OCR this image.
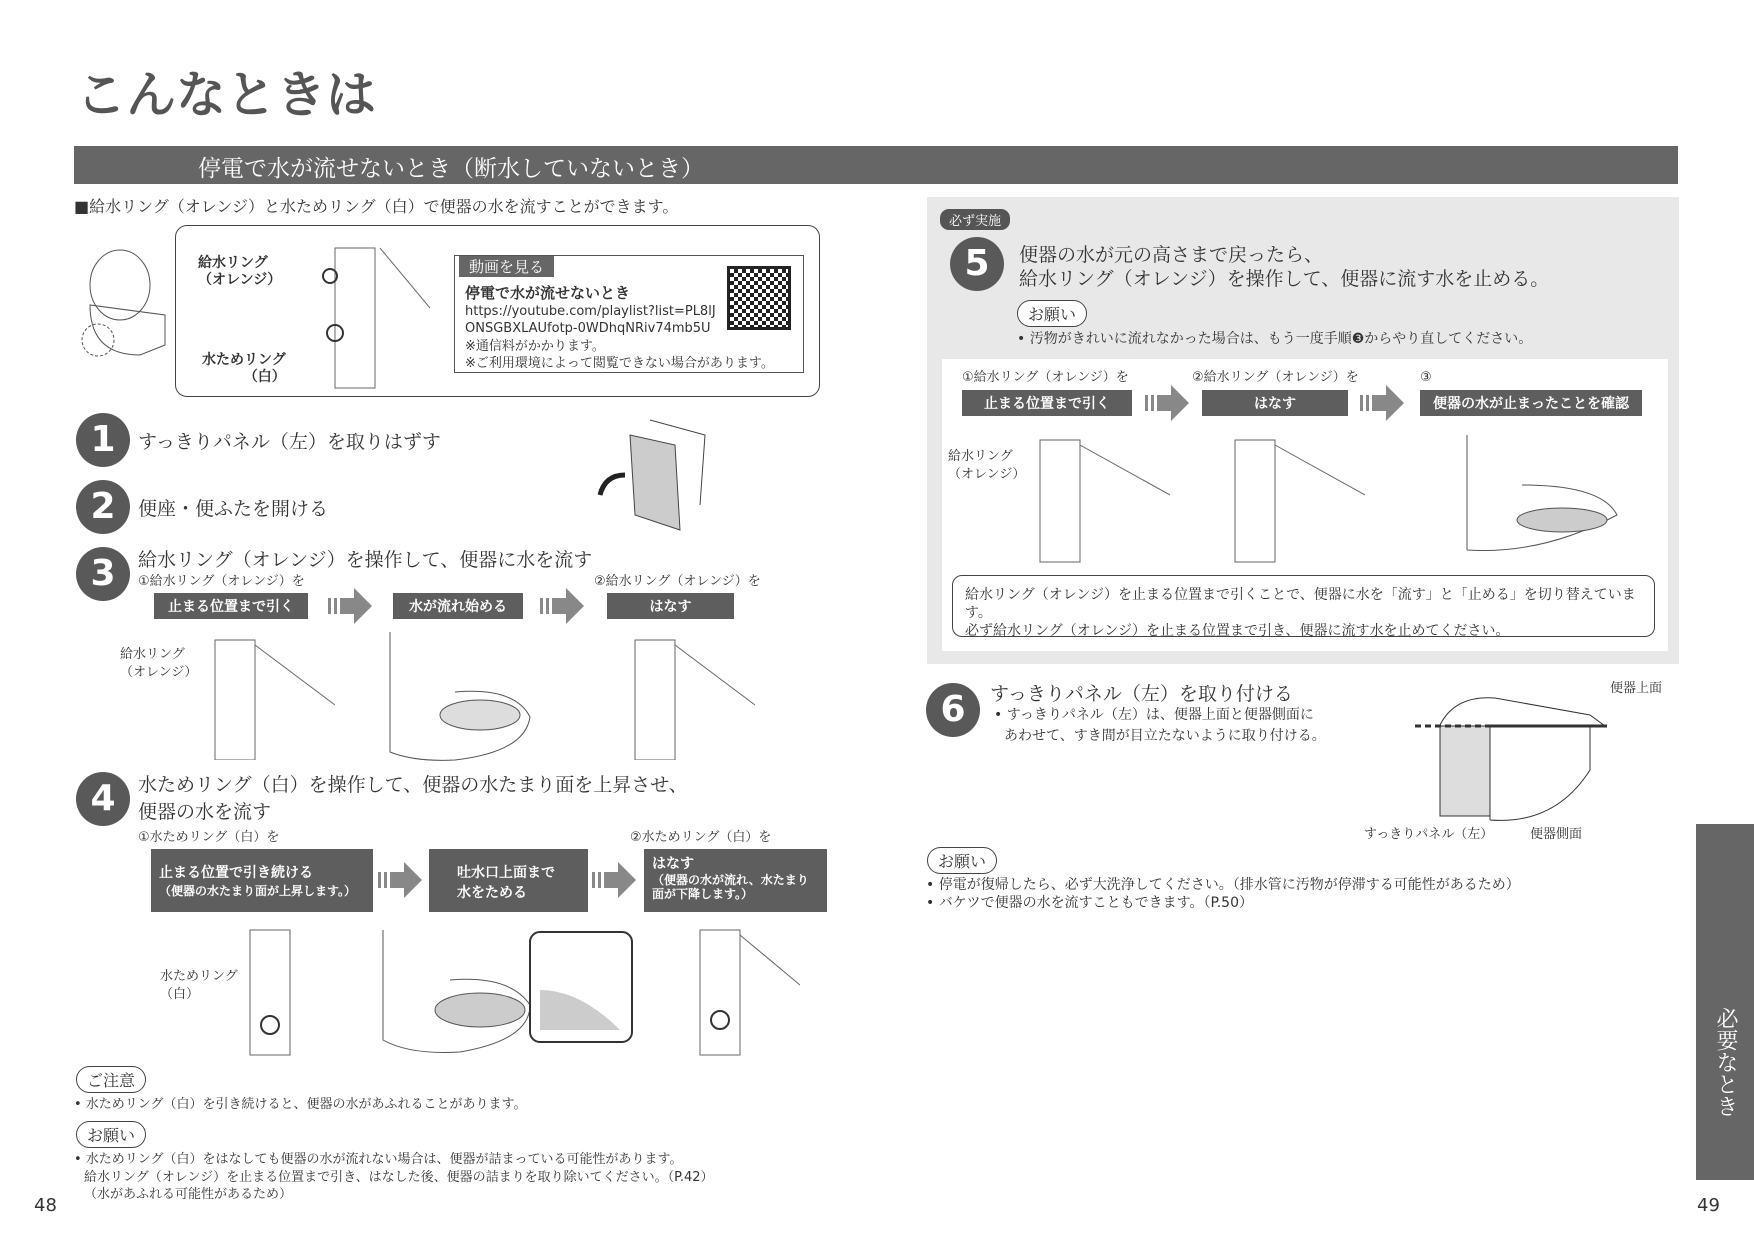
こんなときは
停電で水が流せないとき（断水していないとき）
■給水リング（オレンジ）と水ためリング（白）で便器の水を流すことができます。
給水リング
（オレンジ）
水ためリング
（白）
動画を見る
停電で水が流せないとき
https://youtube.com/playlist?list=PL8lJ
ONSGBXLAUfotp-0WDhqNRiv74mb5U
※通信料がかかります。
※ご利用環境によって閲覧できない場合があります。
1	すっきりパネル（左）を取りはずす
2	便座・便ふたを開ける
3	給水リング（オレンジ）を操作して、便器に水を流す
①給水リング（オレンジ）を
止まる位置まで引く	水が流れ始める
②給水リング（オレンジ）を
はなす
給水リング
（オレンジ）
4	水ためリング（白）を操作して、便器の水たまり面を上昇させ、
便器の水を流す
①水ためリング（白）を
止まる位置で引き続ける
（便器の水たまり面が上昇します。）
吐水口上面まで
水をためる
②水ためリング（白）を
はなす
（便器の水が流れ、水たまり面が下降します。）
水ためリング
（白）
ご注意
• 水ためリング（白）を引き続けると、便器の水があふれることがあります。
お願い
• 水ためリング（白）をはなしても便器の水が流れない場合は、便器が詰まっている可能性があります。
給水リング（オレンジ）を止まる位置まで引き、はなした後、便器の詰まりを取り除いてください。（P.42）
（水があふれる可能性があるため）
48
必ず実施
5	便器の水が元の高さまで戻ったら、
給水リング（オレンジ）を操作して、便器に流す水を止める。
お願い
• 汚物がきれいに流れなかった場合は、もう一度手順❸からやり直してください。
①給水リング（オレンジ）を
止まる位置まで引く
②給水リング（オレンジ）を
はなす
③
便器の水が止まったことを確認
給水リング
（オレンジ）
給水リング（オレンジ）を止まる位置まで引くことで、便器に水を「流す」と「止める」を切り替えています。
必ず給水リング（オレンジ）を止まる位置まで引き、便器に流す水を止めてください。
6	すっきりパネル（左）を取り付ける
• すっきりパネル（左）は、便器上面と便器側面に
あわせて、すき間が目立たないように取り付ける。
便器上面
すっきりパネル（左）	便器側面
お願い
• 停電が復帰したら、必ず大洗浄してください。（排水管に汚物が停滞する可能性があるため）
• バケツで便器の水を流すこともできます。（P.50）
必要なとき
49
